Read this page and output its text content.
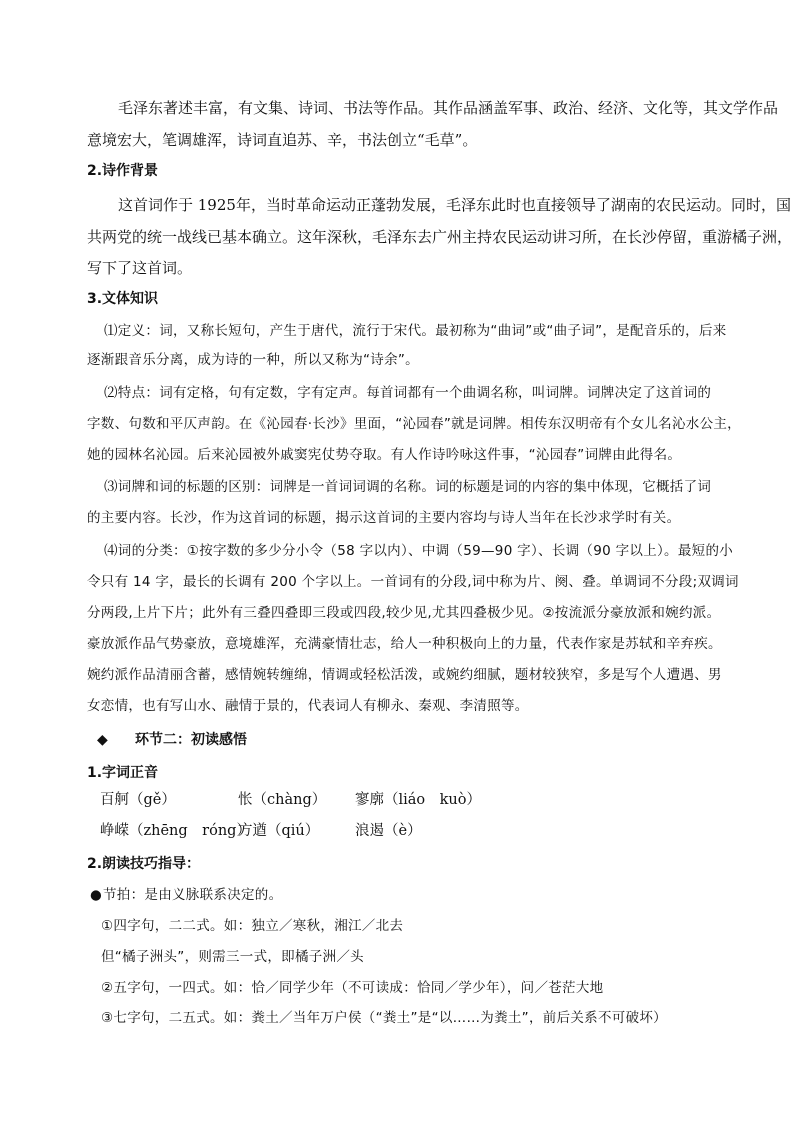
毛泽东著述丰富，有文集、诗词、书法等作品。其作品涵盖军事、政治、经济、文化等，其文学作品
意境宏大，笔调雄浑，诗词直追苏、辛，书法创立“毛草”。
2.诗作背景
这首词作于 1925年，当时革命运动正蓬勃发展，毛泽东此时也直接领导了湖南的农民运动。同时，国
共两党的统一战线已基本确立。这年深秋，毛泽东去广州主持农民运动讲习所，在长沙停留，重游橘子洲，
写下了这首词。
3.文体知识
⑴定义：词，又称长短句，产生于唐代，流行于宋代。最初称为“曲词”或“曲子词”，是配音乐的，后来
逐渐跟音乐分离，成为诗的一种，所以又称为“诗余”。
⑵特点：词有定格，句有定数，字有定声。每首词都有一个曲调名称，叫词牌。词牌决定了这首词的
字数、句数和平仄声韵。在《沁园春·长沙》里面，“沁园春”就是词牌。相传东汉明帝有个女儿名沁水公主，
她的园林名沁园。后来沁园被外戚窦宪仗势夺取。有人作诗吟咏这件事，“沁园春”词牌由此得名。
⑶词牌和词的标题的区别：词牌是一首词词调的名称。词的标题是词的内容的集中体现，它概括了词
的主要内容。长沙，作为这首词的标题，揭示这首词的主要内容均与诗人当年在长沙求学时有关。
⑷词的分类：①按字数的多少分小令（58 字以内）、中调（59—90 字）、长调（90 字以上）。最短的小
令只有 14 字，最长的长调有 200 个字以上。一首词有的分段,词中称为片、阕、叠。单调词不分段;双调词
分两段,上片下片；此外有三叠四叠即三段或四段,较少见,尤其四叠极少见。②按流派分豪放派和婉约派。
豪放派作品气势豪放，意境雄浑，充满豪情壮志，给人一种积极向上的力量，代表作家是苏轼和辛弃疾。
婉约派作品清丽含蓄，感情婉转缠绵，情调或轻松活泼，或婉约细腻，题材较狭窄，多是写个人遭遇、男
女恋情，也有写山水、融情于景的，代表词人有柳永、秦观、李清照等。
◆ 环节二：初读感悟
1.字词正音
百舸（gě）	怅（chàng） 寥廓（liáo　kuò）
峥嵘（zhēng　róng）
方遒（qiú） 浪遏（è）
2.朗读技巧指导：
● 节拍：是由义脉联系决定的。
①四字句，二二式。如：独立／寒秋，湘江／北去
但“橘子洲头”，则需三一式，即橘子洲／头
②五字句，一四式。如：恰／同学少年（不可读成：恰同／学少年），问／苍茫大地
③七字句，二五式。如：粪土／当年万户侯（“粪土”是“以……为粪土”，前后关系不可破坏）
